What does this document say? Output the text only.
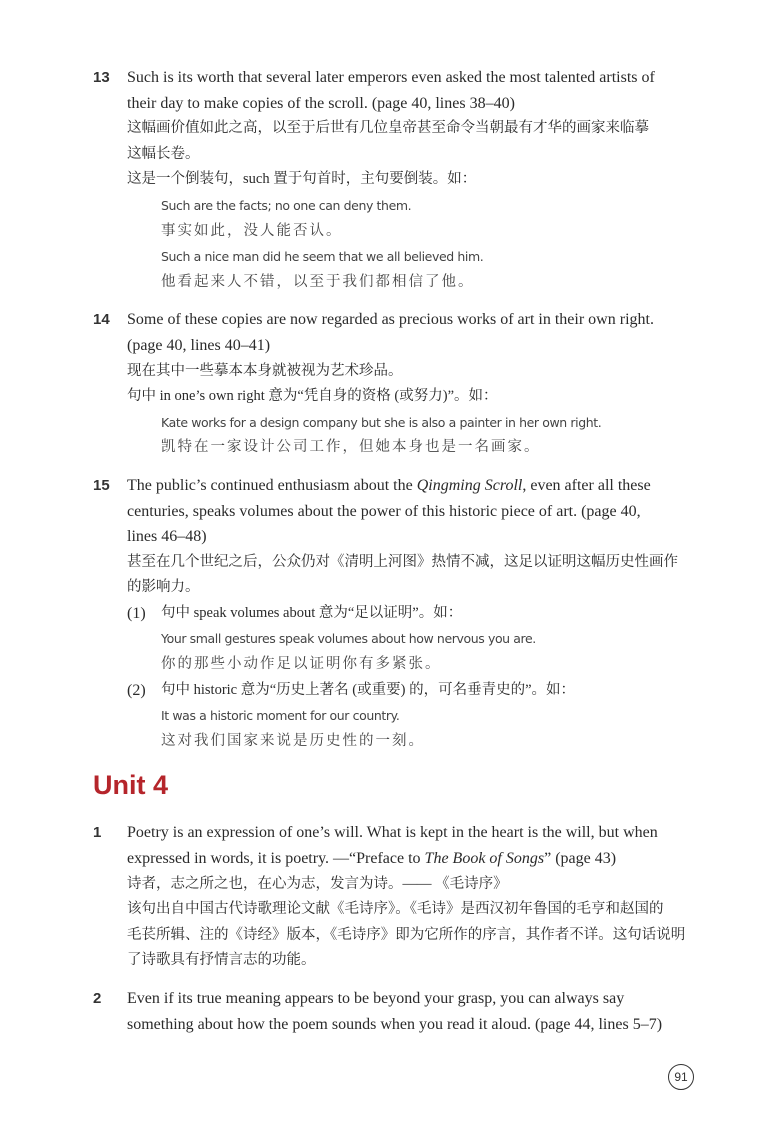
13 Such is its worth that several later emperors even asked the most talented artists of
their day to make copies of the scroll. (page 40, lines 38–40)
这幅画价值如此之高，以至于后世有几位皇帝甚至命令当朝最有才华的画家来临摹
这幅长卷。
这是一个倒装句，such 置于句首时，主句要倒装。如：
Such are the facts; no one can deny them.
事实如此，没人能否认。
Such a nice man did he seem that we all believed him.
他看起来人不错，以至于我们都相信了他。
14 Some of these copies are now regarded as precious works of art in their own right.
(page 40, lines 40–41)
现在其中一些摹本本身就被视为艺术珍品。
句中 in one’s own right 意为“凭自身的资格 (或努力)”。如：
Kate works for a design company but she is also a painter in her own right.
凯特在一家设计公司工作，但她本身也是一名画家。
15 The public’s continued enthusiasm about the Qingming Scroll, even after all these
centuries, speaks volumes about the power of this historic piece of art. (page 40,
lines 46–48)
甚至在几个世纪之后，公众仍对《清明上河图》热情不减，这足以证明这幅历史性画作
的影响力。
(1) 句中 speak volumes about 意为“足以证明”。如：
Your small gestures speak volumes about how nervous you are.
你的那些小动作足以证明你有多紧张。
(2) 句中 historic 意为“历史上著名 (或重要) 的，可名垂青史的”。如：
It was a historic moment for our country.
这对我们国家来说是历史性的一刻。
Unit 4
1 Poetry is an expression of one’s will. What is kept in the heart is the will, but when
expressed in words, it is poetry. —“Preface to The Book of Songs” (page 43)
诗者，志之所之也，在心为志，发言为诗。—— 《毛诗序》
该句出自中国古代诗歌理论文献《毛诗序》。《毛诗》是西汉初年鲁国的毛亨和赵国的
毛苌所辑、注的《诗经》版本，《毛诗序》即为它所作的序言，其作者不详。这句话说明
了诗歌具有抒情言志的功能。
2 Even if its true meaning appears to be beyond your grasp, you can always say
something about how the poem sounds when you read it aloud. (page 44, lines 5–7)
91
